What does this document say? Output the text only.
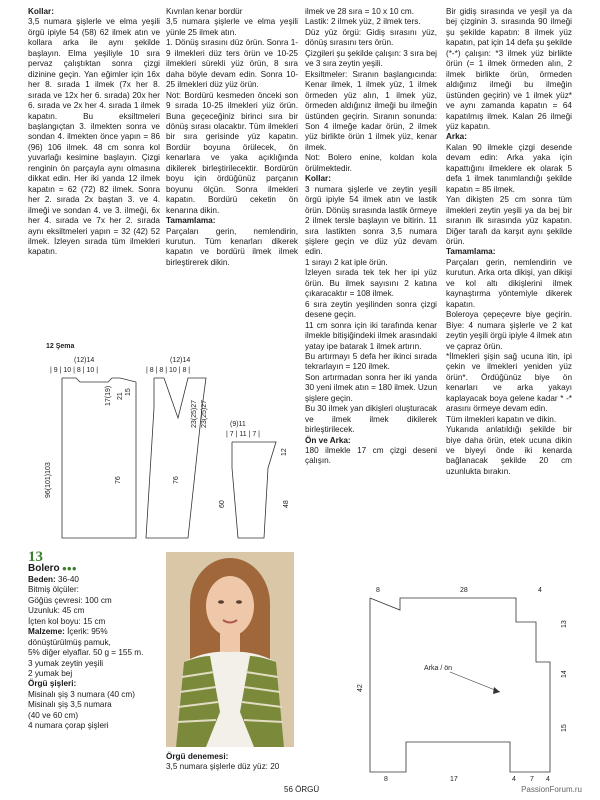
Kollar:

3,5 numara şişlerle ve elma yeşili örgü ipiyle 54 (58) 62 ilmek atın ve kollara arka ile aynı şekilde başlayın. Elma yeşiliyle 10 sıra pervaz çalıştıktan sonra çizgi dizinine geçin. Yan eğimler için 16x her 8. sırada 1 ilmek (7x her 8. sırada ve 12x her 6. sırada) 20x her 6. sırada ve 2x her 4. sırada 1 ilmek kapatın. Bu eksiltmeleri başlangıçtan 3. ilmekten sonra ve sondan 4. ilmekten önce yapın = 86 (96) 106 ilmek. 48 cm sonra kol yuvarlağı kesimine başlayın. Çizgi renginin ön parçayla aynı olmasına dikkat edin. Her iki yanda 12 ilmek kapatın = 62 (72) 82 ilmek. Sonra her 2. sırada 2x baştan 3. ve 4. ilmeği ve sondan 4. ve 3. ilmeği, 6x her 4. sırada ve 7x her 2. sırada aynı eksiltmeleri yapın = 32 (42) 52 ilmek. İzleyen sırada tüm ilmekleri kapatın.

Kıvrılan kenar bordür

3,5 numara şişlerle ve elma yeşili yünle 25 ilmek atın.

1. Dönüş sırasını düz örün. Sonra 1-9 ilmekleri düz ters örün ve 10-25 ilmekleri sürekli yüz örün, 8 sıra daha böyle devam edin. Sonra 10-25 ilmekleri düz yüz örün.

Not: Bordürü kesmeden önceki son 9 sırada 10-25 ilmekleri yüz örün. Buna geçeceğiniz birinci sıra bir dönüş sırası olacaktır. Tüm ilmekleri bir sıra gerisinde yüz kapatın. Bordür boyuna örülecek, ön kenarlara ve yaka açıklığında dikilerek birleştirilecektir. Bordürün boyu için ördüğünüz parçanın boyunu ölçün. Sonra ilmekleri kapatın. Bordürü ceketin ön kenarına dikin.

Tamamlama:

Parçaları gerin, nemlendirin, kurutun. Tüm kenarları dikerek kapatın ve bordürü ilmek ilmek birleştirerek dikin.

ilmek ve 28 sıra = 10 x 10 cm.

Lastik: 2 ilmek yüz, 2 ilmek ters.

Düz yüz örgü: Gidiş sırasını yüz, dönüş sırasını ters örün.

Çizgileri şu şekilde çalışın: 3 sıra bej ve 3 sıra zeytin yeşili.

Eksiltmeler: Sıranın başlangıcında: Kenar ilmek, 1 ilmek yüz, 1 ilmek örmeden yüz alın, 1 ilmek yüz, örmeden aldığınız ilmeği bu ilmeğin üstünden geçirin. Sıranın sonunda: Son 4 ilmeğe kadar örün, 2 ilmek yüz birlikte örün 1 ilmek yüz, kenar ilmek.

Not: Bolero enine, koldan kola örülmektedir.

Kollar:

3 numara şişlerle ve zeytin yeşili örgü ipiyle 54 ilmek atın ve lastik örün. Dönüş sırasında lastik örmeye 2 ilmek tersle başlayın ve bitirin. 11 sıra lastikten sonra 3,5 numara şişlere geçin ve düz yüz devam edin.

1 sırayı 2 kat iple örün.

İzleyen sırada tek tek her ipi yüz örün. Bu ilmek sayısını 2 katına çıkaracaktır = 108 ilmek.

6 sıra zeytin yeşilinden sonra çizgi desene geçin.

11 cm sonra için iki tarafında kenar ilmekle bitişiğindeki ilmek arasındaki yatay ipe batarak 1 ilmek artırın.

Bu artırmayı 5 defa her ikinci sırada tekrarlayın = 120 ilmek.

Son artırmadan sonra her iki yanda 30 yeni ilmek atın = 180 ilmek. Uzun şişlere geçin.

Bu 30 ilmek yan dikişleri oluşturacak ve ilmek ilmek dikilerek birleştirilecek.

Ön ve Arka:

180 ilmekle 17 cm çizgi deseni çalışın.

Bir gidiş sırasında ve yeşil ya da bej çizginin 3. sırasında 90 ilmeği şu şekilde kapatın: 8 ilmek yüz kapatın, pat için 14 defa şu şekilde (*-*) çalışın: *3 ilmek yüz birlikte örün (= 1 ilmek örmeden alın, 2 ilmek birlikte örün, örmeden aldığınız ilmeği bu ilmeğin üstünden geçirin) ve 1 ilmek yüz* ve aynı zamanda kapatın = 64 kapatılmış ilmek. Kalan 26 ilmeği yüz kapatın.

Arka:

Kalan 90 ilmekle çizgi desende devam edin: Arka yaka için kapattığını ilmeklere ek olarak 5 defa 1 ilmek tanımlandığı şekilde kapatın = 85 ilmek.

Yan dikişten 25 cm sonra tüm ilmekleri zeytin yeşili ya da bej bir sıranın ilk sırasında yüz kapatın. Diğer tarafı da karşıt aynı şekilde örün.

Tamamlama:

Parçaları gerin, nemlendirin ve kurutun. Arka orta dikişi, yan dikişi ve kol altı dikişlerini ilmek kaynaştırma yöntemiyle dikerek kapatın.

Boleroya çepeçevre biye geçirin. Biye: 4 numara şişlerle ve 2 kat zeytin yeşili örgü ipiyle 4 ilmek atın ve çapraz örün.

*İlmekleri şişin sağ ucuna itin, ipi çekin ve ilmekleri yeniden yüz örün*. Ördüğünüz biye ön kenarları ve arka yakayı kaplayacak boya gelene kadar * -* arasını örmeye devam edin.

Tüm ilmekleri kapatın ve dikin.

Yukarıda anlatıldığı şekilde bir biye daha örün, etek ucuna dikin ve biyeyi önde iki kenarda bağlanacak şekilde 20 cm uzunlukta bırakın.

12 Şema
(12)14
| 9 | 10 | 8 | 10 |
17(19) 21
15
96(101)103	76
(12)14
| 8 | 8 | 10 | 8 |
23(25)27 23(25)27
76
(9)11
| 7 | 11 | 7 |
12
60	48

13

Bolero ●●●

Beden: 36-40

Bitmiş ölçüler:

Göğüs çevresi: 100 cm

Uzunluk: 45 cm

İçten kol boyu: 15 cm

Malzeme: İçerik: 95%

dönüştürülmüş pamuk,

5% diğer elyaflar. 50 g = 155 m.

3 yumak zeytin yeşili

2 yumak bej

Örgü şişleri:

Misinalı şiş 3 numara (40 cm)

Misinalı şiş 3,5 numara

(40 ve 60 cm)

4 numara çorap şişleri

Örgü denemesi:

3,5 numara şişlerle düz yüz: 20

8	28	4
Arka / ön
13
14
15
42
8	17	4 7 4
56 ÖRGÜ	PassionForum.ru
